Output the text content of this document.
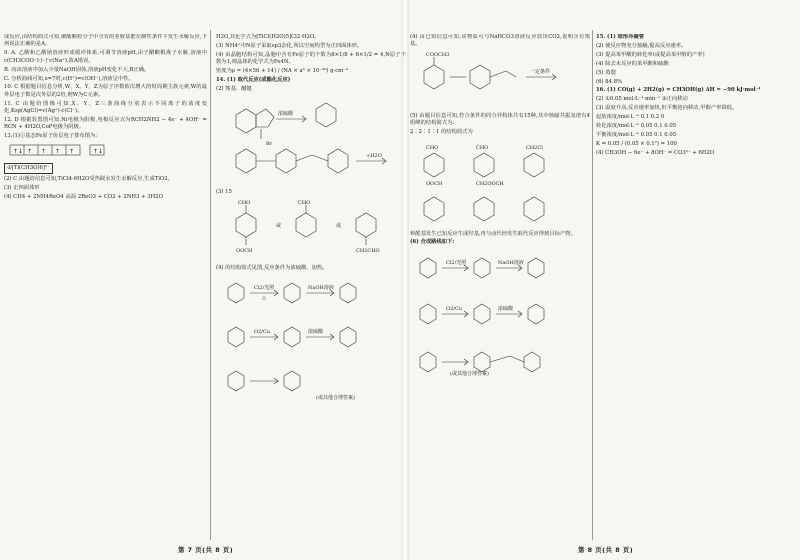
成反应,由结构简式可知,聚酯颗粒分子中含有的亚胺基能在酸性条件下发生水解反应,下列说法正确的是A。

9. A. 乙酸和乙酸钠溶液形成缓冲体系,可调节溶液pH,由于醋酸根离子水解,溶液中c(CH3COO⁻)小于c(Na⁺),故A错误。

B. 向该溶液中加入少量NaOH固体,溶液pH变化不大,B正确。

C. 分析曲线可知,x=7时,c(H⁺)=c(OH⁻),溶液呈中性。

10. C 根据题目信息分析,W、X、Y、Z为原子序数依次增大的短周期主族元素,W的最外层电子数是次外层的2倍,则W为C元素。

11. C 由题给图像可知,X、Y、Z三条曲线分别表示不同离子的浓度变化,Ksp(AgCl)=c(Ag⁺)·c(Cl⁻)。

12. D 根据装置图可知,Ni电极为阳极,电极反应式为RCH2NH2 − 4e⁻ + 4OH⁻ = RCN + 4H2O,CoP电极为阴极。

13.(1)①基态Fe原子价层电子排布图为:

↑↓ ↑ ↑ ↑ ↑	↑↓

②[Ti(CH3O)6]²⁻

(2) C 由题给信息可知,TiCl4·6H2O受热脱水发生水解反应,生成TiO2。

(3) 正四面体形

(4) CH4 + 2NH4ReO4 高温 2ReO3 + CO2 + 2NH3 + 3H2O

H2O,其化学式为[TiCl(H2O)5]Cl2·H2O。

(3) NH4⁺中N原子采取sp3杂化,所以空间构型为正四面体形。

(4) 由晶胞结构可知,晶胞中含有Fe原子的个数为8×1/8 + 6×1/2 = 4,N原子个数为1,则晶体的化学式为Fe4N。

密度为ρ = (4×56 + 14) / (NA × a³ × 10⁻³⁰) g·cm⁻³

14. (1) 取代反应(或酯化反应)

(2) 羧基、醚键

Br
浓硫酸
+H2O

(3) 15

CHO
OOCH
CHO
或	或
CH2CHO

(4) 的结构简式见图,反应条件为浓硫酸、加热。

Cl2/光照	NaOH溶液
O2/Cu	浓硫酸
△
(或其他合理答案)

(4) 由已知信息可知,该物质可与NaHCO3溶液反应放出CO2,说明含有羧基。

COOCH3
一定条件

(5) 由题目信息可知,符合条件的同分异构体共有15种,其中核磁共振氢谱有4组峰的结构简式为:

2∶2∶1∶1 的结构简式为

CHO	CHO	CH2Cl
OOCH	CH2OOCH

和醛基发生已知反应生成羟基,再与卤代烃发生取代反应得到目标产物。

(6) 合成路线如下:

Cl2/光照	NaOH溶液
O2/Cu	浓硫酸
(或其他合理答案)

15. (1) 球形冷凝管

(2) 使反应物充分接触,提高反应速率。

(3) 提高苯甲酸的转化率(或提高苯甲醇的产率)

(4) 除去未反应的苯甲酸和硫酸

(5) 蒸馏

(6) 84.8%

16. (1) CO(g) + 2H2(g) = CH3OH(g) ΔH = −90 kJ·mol⁻¹

(2) ①0.05 mol·L⁻¹·min⁻¹ ②正向移动

(3) 温度升高,反应速率加快,但平衡逆向移动,甲醇产率降低。

起始浓度/mol·L⁻¹ 0.1 0.2 0

转化浓度/mol·L⁻¹ 0.05 0.1 0.05

平衡浓度/mol·L⁻¹ 0.05 0.1 0.05

K = 0.05 / (0.05 × 0.1²) = 100

(4) CH3OH − 6e⁻ + 8OH⁻ = CO3²⁻ + 6H2O

第 7 页(共 8 页)	第 8 页(共 8 页)
